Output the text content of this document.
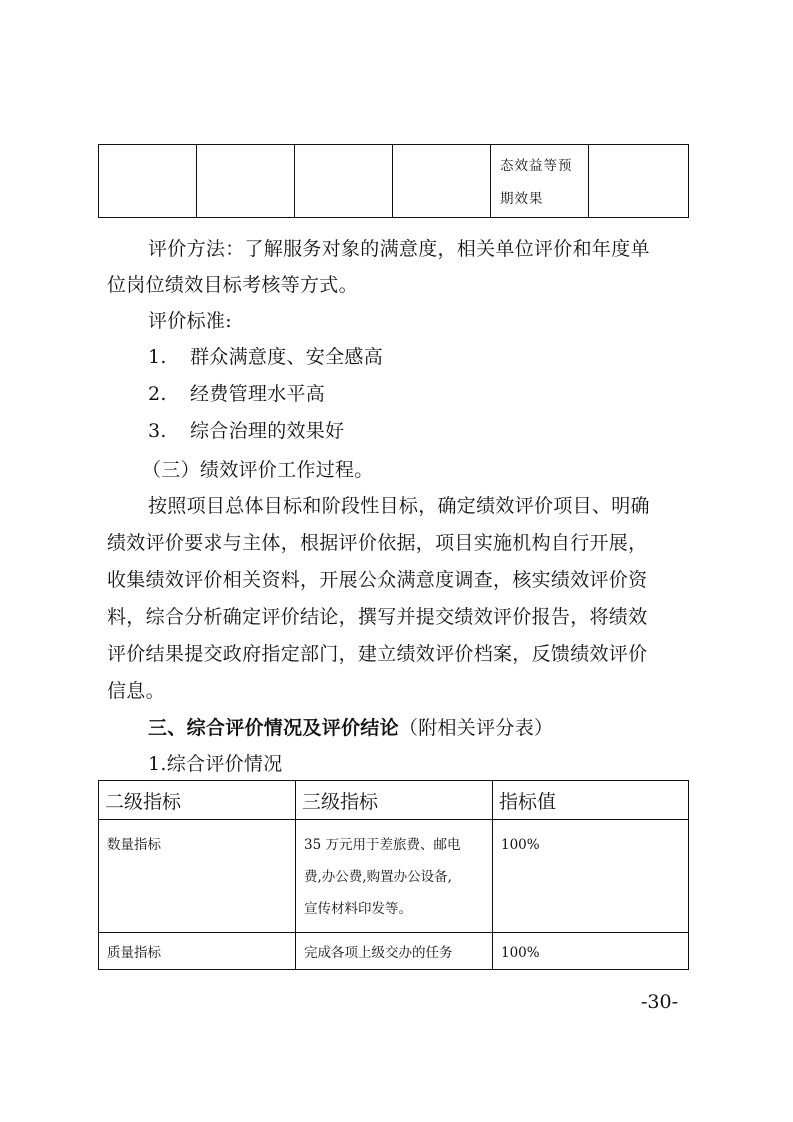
态效益等预
期效果

评价方法：了解服务对象的满意度，相关单位评价和年度单
位岗位绩效目标考核等方式。
评价标准:
1. 群众满意度、安全感高
2. 经费管理水平高
3. 综合治理的效果好
（三）绩效评价工作过程。
按照项目总体目标和阶段性目标，确定绩效评价项目、明确
绩效评价要求与主体，根据评价依据，项目实施机构自行开展，
收集绩效评价相关资料，开展公众满意度调查，核实绩效评价资
料，综合分析确定评价结论，撰写并提交绩效评价报告，将绩效
评价结果提交政府指定部门，建立绩效评价档案，反馈绩效评价
信息。
三、综合评价情况及评价结论（附相关评分表）
1.综合评价情况
二级指标	三级指标	指标值

数量指标	35 万元用于差旅费、邮电
费,办公费,购置办公设备,
宣传材料印发等。	100%

质量指标	完成各项上级交办的任务	100%
-30-
